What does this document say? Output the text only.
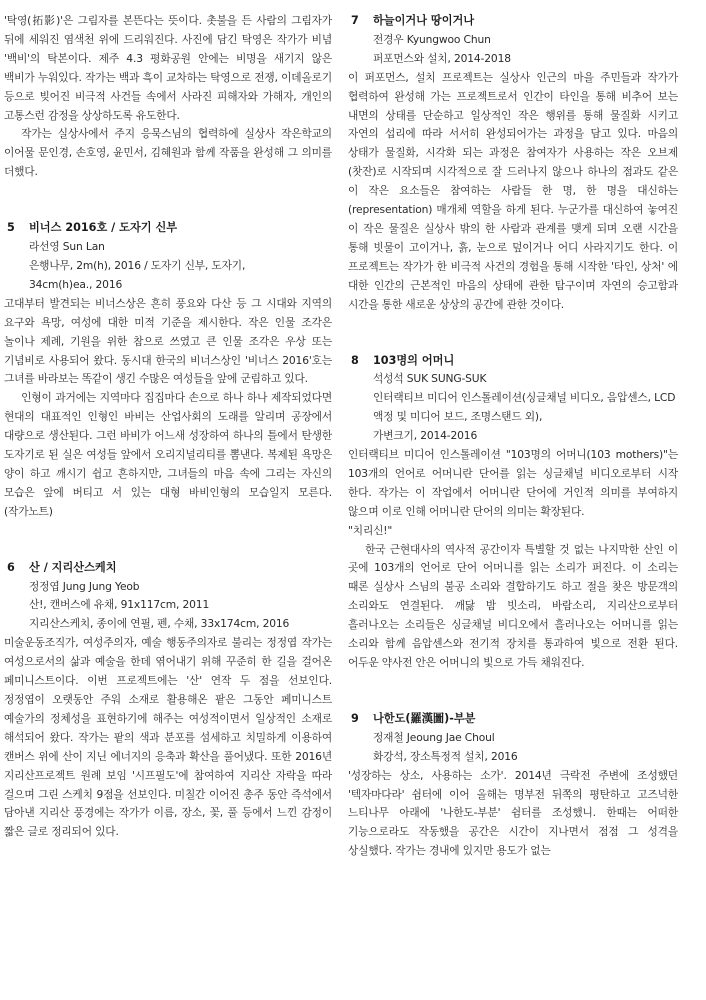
'탁영(拓影)'은 그림자를 본뜬다는 뜻이다. 촛불을 든 사람의 그림자가 뒤에 세워진 염색천 위에 드리워진다. 사진에 담긴 탁영은 작가가 비념 '백비'의 탁본이다. 제주 4.3 평화공원 안에는 비명을 새기지 않은 백비가 누워있다. 작가는 백과 흑이 교차하는 탁영으로 전쟁, 이데올로기 등으로 빚어진 비극적 사건들 속에서 사라진 피해자와 가해자, 개인의 고통스런 감정을 상상하도록 유도한다.

작가는 실상사에서 주지 응묵스님의 협력하에 실상사 작은학교의 이어물 문인경, 손호영, 윤민서, 김혜원과 함께 작품을 완성해 그 의미를 더했다.

5	비너스 2016호 / 도자기 신부
라선영 Sun Lan
은행나무, 2m(h), 2016 / 도자기 신부, 도자기,
34cm(h)ea., 2016

고대부터 발견되는 비너스상은 흔히 풍요와 다산 등 그 시대와 지역의 요구와 욕망, 여성에 대한 미적 기준을 제시한다. 작은 인물 조각은 놀이나 제례, 기원을 위한 참으로 쓰였고 큰 인물 조각은 우상 또는 기념비로 사용되어 왔다. 동시대 한국의 비너스상인 '비너스 2016'호는 그녀를 바라보는 똑같이 생긴 수많은 여성들을 앞에 군림하고 있다.

인형이 과거에는 지역마다 집집마다 손으로 하나 하나 제작되었다면 현대의 대표적인 인형인 바비는 산업사회의 도래를 알리며 공장에서 대량으로 생산된다. 그런 바비가 어느새 성장하여 하나의 틀에서 탄생한 도자기로 된 실은 여성들 앞에서 오리지널리티를 뽐낸다. 복제된 욕망은 양이 하고 깨시기 쉽고 흔하지만, 그녀들의 마음 속에 그리는 자신의 모습은 앞에 버티고 서 있는 대형 바비인형의 모습일지 모른다. (작가노트)

6	산 / 지리산스케치
정정엽 Jung Jung Yeob
산!, 캔버스에 유채, 91x117cm, 2011
지리산스케치, 종이에 연필, 펜, 수채, 33x174cm, 2016

미술운동조직가, 여성주의자, 예술 행동주의자로 불리는 정정엽 작가는 여성으로서의 삶과 예술을 한데 엮어내기 위해 꾸준히 한 길을 걸어온 페미니스트이다. 이번 프로젝트에는 '산' 연작 두 점을 선보인다. 정정엽이 오랫동안 주워 소재로 활용해온 팥은 그동안 페미니스트 예술가의 정체성을 표현하기에 해주는 여성적이면서 일상적인 소재로 해석되어 왔다. 작가는 팥의 색과 분포를 섬세하고 치밀하게 이용하여 캔버스 위에 산이 지닌 에너지의 응축과 확산을 풀어냈다. 또한 2016년 지리산프로젝트 원례 보임 '시프필도'에 참여하여 지리산 자락을 따라 걸으며 그린 스케치 9점을 선보인다. 미칠간 이어진 총주 동안 즉석에서 담아낸 지리산 풍경에는 작가가 이름, 장소, 꽃, 풀 등에서 느낀 감정이 짧은 글로 정리되어 있다.

7	하늘이거나 땅이거나
전경우 Kyungwoo Chun
퍼포먼스와 설치, 2014-2018

이 퍼포먼스, 설치 프로젝트는 실상사 인근의 마을 주민들과 작가가 협력하여 완성해 가는 프로젝트로서 인간이 타인을 통해 비추어 보는 내면의 상태를 단순하고 일상적인 작은 행위를 통해 물질화 시키고 자연의 섭리에 따라 서서히 완성되어가는 과정을 담고 있다. 마음의 상태가 물질화, 시각화 되는 과정은 참여자가 사용하는 작은 오브제(찻잔)로 시작되며 시각적으로 잘 드러나지 않으나 하나의 점과도 같은 이 작은 요소들은 참여하는 사람들 한 명, 한 명을 대신하는(representation) 매개체 역할을 하게 된다. 누군가를 대신하여 놓여진 이 작은 물질은 실상사 밖의 한 사람과 관계를 맺게 되며 오랜 시간을 통해 빗물이 고이거나, 흙, 눈으로 덮이거나 어디 사라지기도 한다. 이 프로젝트는 작가가 한 비극적 사건의 경험을 통해 시작한 '타인, 상처' 에 대한 인간의 근본적인 마음의 상태에 관한 탐구이며 자연의 승고함과 시간을 통한 새로운 상상의 공간에 관한 것이다.

8	103명의 어머니
석성석 SUK SUNG-SUK
인터랙티브 미디어 인스톨레이션(싱글채널 비디오, 음압센스, LCD 액정 및 미디어 보드, 조명스탠드 외),
가변크기, 2014-2016

인터랙티브 미디어 인스톨레이션 "103명의 어머니(103 mothers)"는 103개의 언어로 어머니란 단어를 읽는 싱글채널 비디오로부터 시작 한다. 작가는 이 작업에서 어머니란 단어에 거인적 의미를 부여하지 않으며 이로 인해 어머니란 단어의 의미는 확장된다.

"치리신!"

한국 근현대사의 역사적 공간이자 특별할 것 없는 나지막한 산인 이 곳에 103개의 언어로 단어 어머니를 읽는 소리가 퍼진다. 이 소리는 때론 실상사 스님의 불공 소리와 결합하기도 하고 절을 찾은 방문객의 소리와도 연결된다. 깨닳 밤 빗소리, 바람소리, 지리산으로부터 흘러나오는 소리들은 싱글채널 비디오에서 흘러나오는 어머니를 읽는 소리와 함께 음압센스와 전기적 장치를 통과하여 빛으로 전환 된다. 어두운 약사전 안은 어머니의 빛으로 가득 채워진다.

9	나한도(羅漢圖)-부분
정재철 Jeoung Jae Choul
화강석, 장소특정적 설치, 2016

'성장하는 상소, 사용하는 소가'. 2014년 극락전 주변에 조성했던 '텍자마다라' 쉼터에 이어 올해는 명부전 뒤쪽의 평탄하고 고즈넉한 느티나무 아래에 '나한도-부분' 쉼터를 조성했니. 한때는 어떠한 기능으로라도 작동했을 공간은 시간이 지나면서 점점 그 성격을 상실했다. 작가는 경내에 있지만 용도가 없는
